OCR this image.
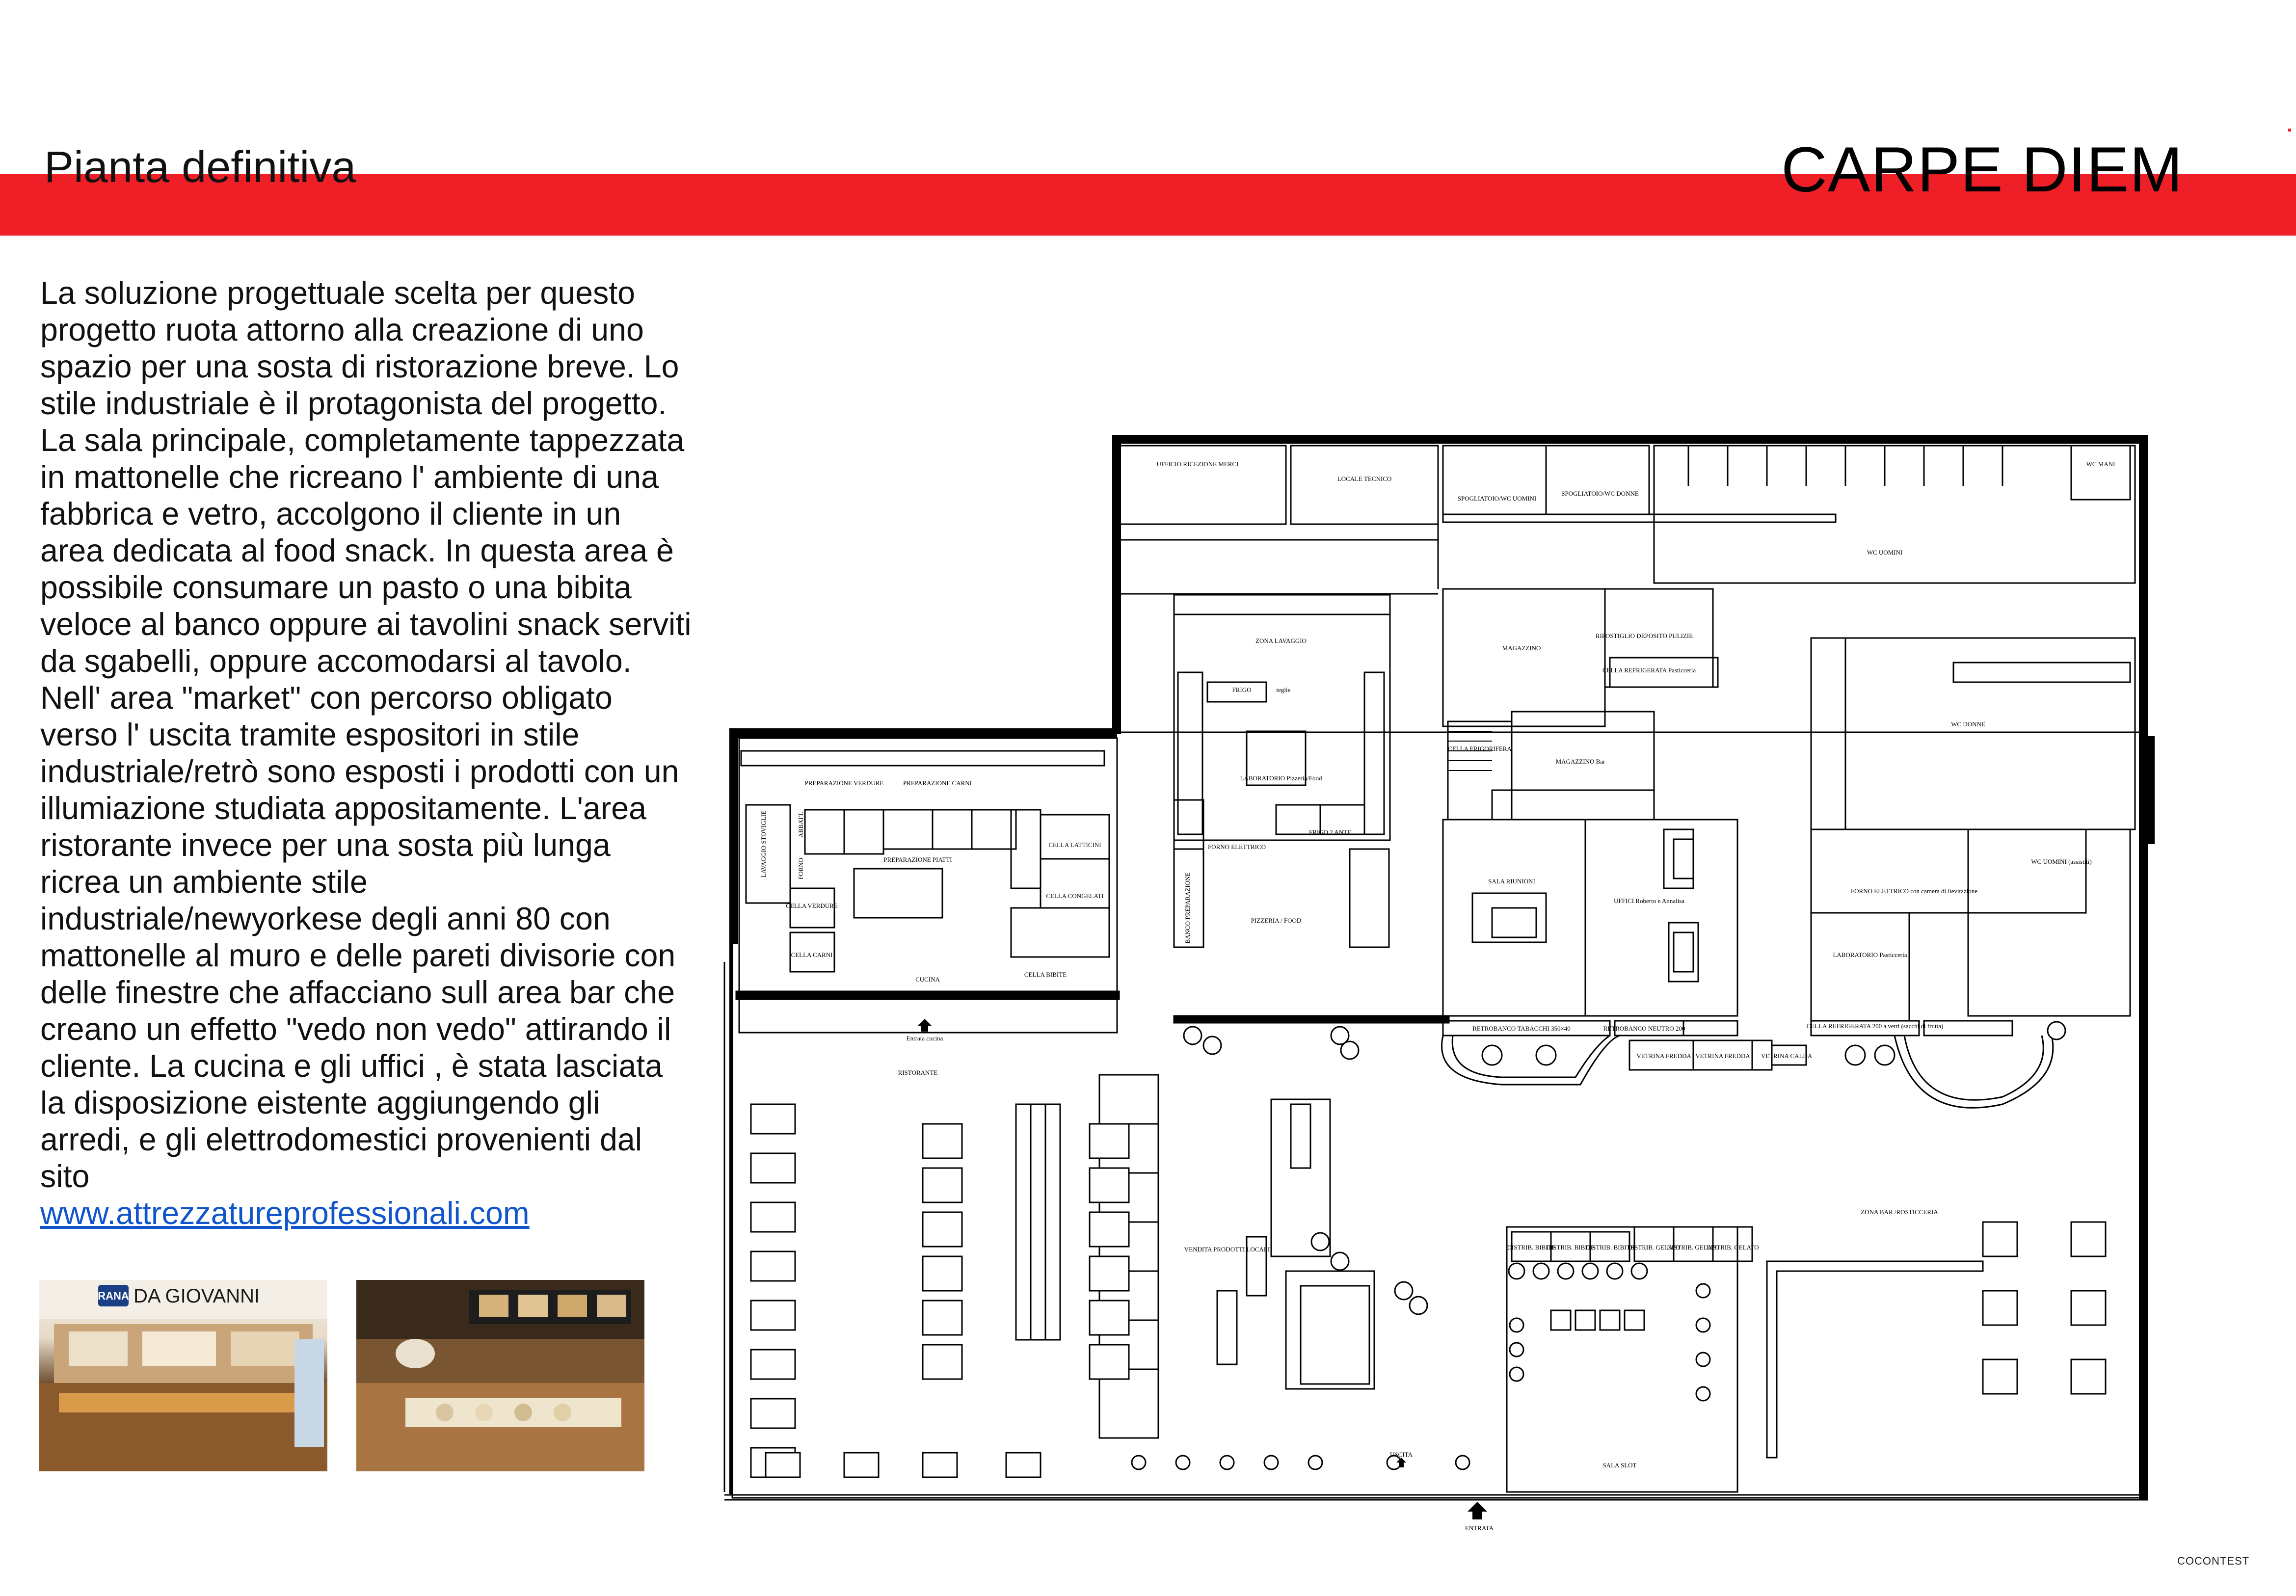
Pianta definitiva	CARPE DIEM
La soluzione progettuale scelta per questo progetto ruota attorno alla creazione di uno spazio per una sosta di ristorazione breve. Lo stile industriale è il protagonista del progetto. La sala principale, completamente tappezzata in mattonelle che ricreano l' ambiente di una fabbrica e vetro, accolgono il cliente in un area dedicata al food snack. In questa area è possibile consumare un pasto o una bibita veloce al banco oppure ai tavolini snack serviti da sgabelli, oppure accomodarsi al tavolo. Nell' area "market" con percorso obligato verso l' uscita tramite espositori in stile industriale/retrò sono esposti i prodotti con un illumiazione studiata appositamente. L'area ristorante invece per una sosta più lunga ricrea un ambiente stile industriale/newyorkese degli anni 80 con mattonelle al muro e delle pareti divisorie con delle finestre che affacciano sull area bar che creano un effetto "vedo non vedo" attirando il cliente. La cucina e gli uffici , è stata lasciata la disposizione eistente aggiungendo gli arredi, e gli elettrodomestici provenienti dal sito
www.attrezzatureprofessionali.com
RANA DA GIOVANNI
UFFICIO RICEZIONE MERCI
LOCALE TECNICO
SPOGLIATOIO/WC UOMINI
SPOGLIATOIO/WC DONNE
WC MANI
WC UOMINI
ZONA LAVAGGIO
MAGAZZINO
RIPOSTIGLIO DEPOSITO PULIZIE
CELLA REFRIGERATA Pasticceria
WC DONNE
FRIGO	teglie
LABORATORIO Pizzeria/Food
CELLA FRIGORIFERA
MAGAZZINO Bar
PREPARAZIONE VERDURE	PREPARAZIONE CARNI
LAVAGGIO STOVIGLIE	ABBATT.
FORNO
CELLA LATTICINI
CELLA VERDURE
CELLA CONGELATI
PREPARAZIONE PIATTI
CELLA CARNI
CUCINA
CELLA BIBITE
FORNO ELETTRICO
FRIGO 2 ANTE
BANCO PREPARAZIONE	PIZZERIA / FOOD
SALA RIUNIONI
UFFICI Roberto e Annalisa
WC UOMINI (assistiti)
FORNO ELETTRICO con camera di lievitazione
LABORATORIO Pasticceria
Entrata cucina
RISTORANTE
RETROBANCO TABACCHI 350×40	RETROBANCO NEUTRO 200	CELLA REFRIGERATA 200 a vetri (sacchi di frutta)
VETRINA FREDDA VETRINA FREDDA VETRINA CALDA
ZONA BAR /ROSTICCERIA
VENDITA PRODOTTI LOCALI	DISTRIB. BIBITE
DISTRIB. BIBITE
DISTRIB. BIBITE
DISTRIB. GELATO
DISTRIB. GELATO
DISTRIB. GELATO
SALA SLOT
USCITA
ENTRATA
COCONTEST
